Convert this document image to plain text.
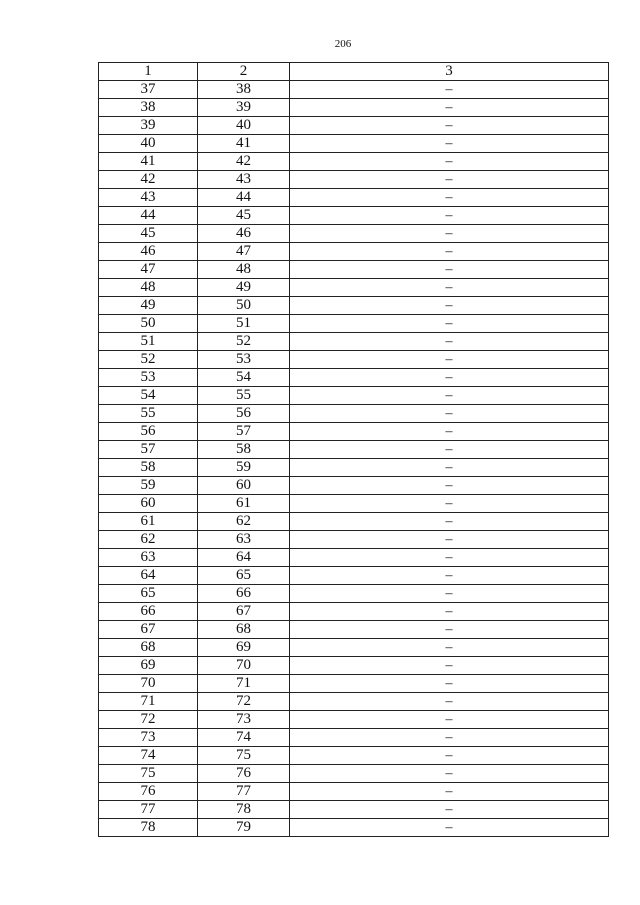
206
1	2	3
37	38	–
38	39	–
39	40	–
40	41	–
41	42	–
42	43	–
43	44	–
44	45	–
45	46	–
46	47	–
47	48	–
48	49	–
49	50	–
50	51	–
51	52	–
52	53	–
53	54	–
54	55	–
55	56	–
56	57	–
57	58	–
58	59	–
59	60	–
60	61	–
61	62	–
62	63	–
63	64	–
64	65	–
65	66	–
66	67	–
67	68	–
68	69	–
69	70	–
70	71	–
71	72	–
72	73	–
73	74	–
74	75	–
75	76	–
76	77	–
77	78	–
78	79	–
